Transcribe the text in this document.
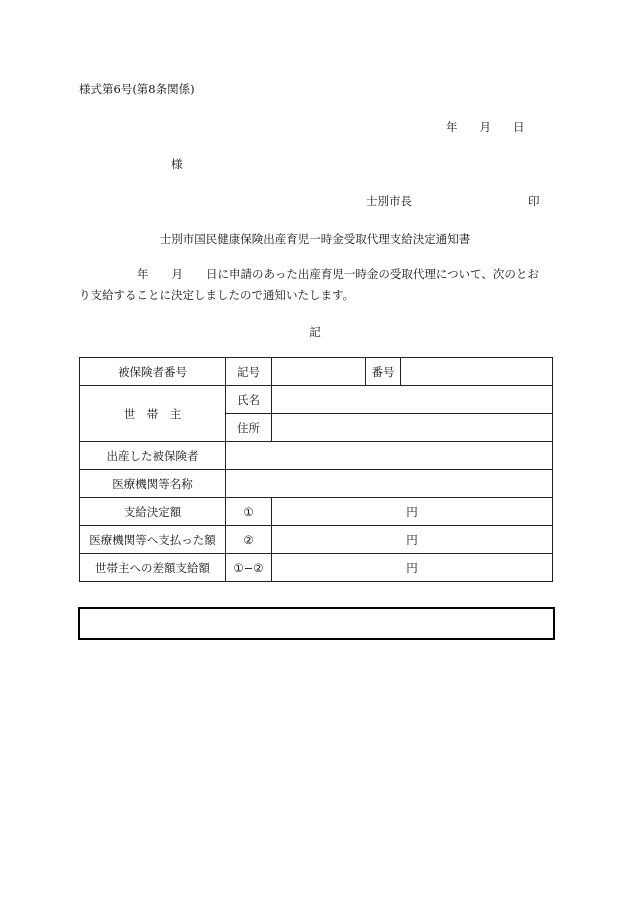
様式第6号(第8条関係)
年 月 日
様
士別市長	印
士別市国民健康保険出産育児一時金受取代理支給決定通知書
年　　月　　日に申請のあった出産育児一時金の受取代理について、次のとお
り支給することに決定しましたので通知いたします。
記
被保険者番号	記号		番号	
世　帯　主	氏名			
	住所			
出産した被保険者				
医療機関等名称				
支給決定額	①	円		
医療機関等へ支払った額	②	円		
世帯主への差額支給額	①−②	円		
